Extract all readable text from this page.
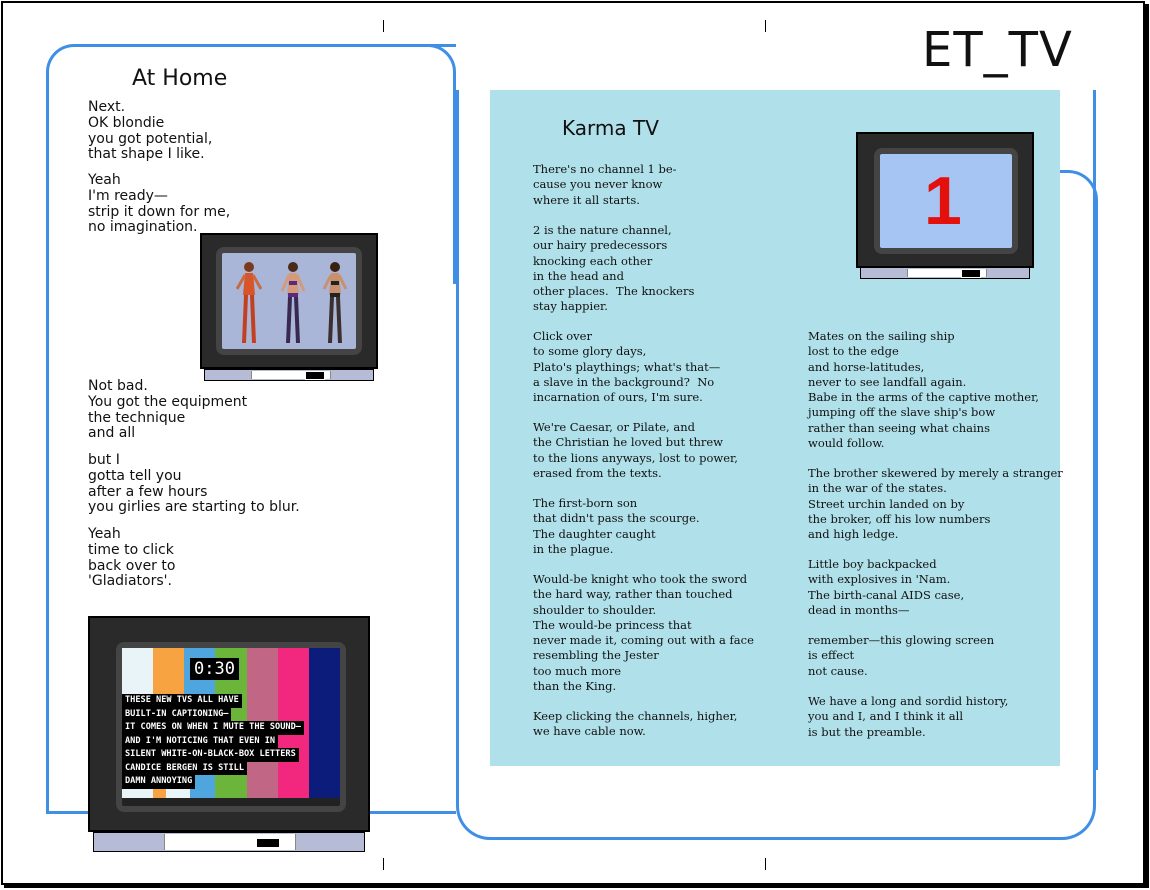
ET_TV
At Home
Next.
OK blondie
you got potential,
that shape I like.
Yeah
I'm ready—
strip it down for me,
no imagination.
Not bad.
You got the equipment
the technique
and all
but I
gotta tell you
after a few hours
you girlies are starting to blur.
Yeah
time to click
back over to
'Gladiators'.
0:30
THESE NEW TVS ALL HAVE
BUILT-IN CAPTIONING—
IT COMES ON WHEN I MUTE THE SOUND—
AND I'M NOTICING THAT EVEN IN
SILENT WHITE-ON-BLACK-BOX LETTERS
CANDICE BERGEN IS STILL
DAMN ANNOYING
Karma TV
There's no channel 1 be-
cause you never know
where it all starts.
2 is the nature channel,
our hairy predecessors
knocking each other
in the head and
other places.  The knockers
stay happier.
Click over
to some glory days,
Plato's playthings; what's that—
a slave in the background?  No
incarnation of ours, I'm sure.
We're Caesar, or Pilate, and
the Christian he loved but threw
to the lions anyways, lost to power,
erased from the texts.
The first-born son
that didn't pass the scourge.
The daughter caught
in the plague.
Would-be knight who took the sword
the hard way, rather than touched
shoulder to shoulder.
The would-be princess that
never made it, coming out with a face
resembling the Jester
too much more
than the King.
Keep clicking the channels, higher,
we have cable now.
Mates on the sailing ship
lost to the edge
and horse-latitudes,
never to see landfall again.
Babe in the arms of the captive mother,
jumping off the slave ship's bow
rather than seeing what chains
would follow.
The brother skewered by merely a stranger
in the war of the states.
Street urchin landed on by
the broker, off his low numbers
and high ledge.
Little boy backpacked
with explosives in 'Nam.
The birth-canal AIDS case,
dead in months—
remember—this glowing screen
is effect
not cause.
We have a long and sordid history,
you and I, and I think it all
is but the preamble.
1
